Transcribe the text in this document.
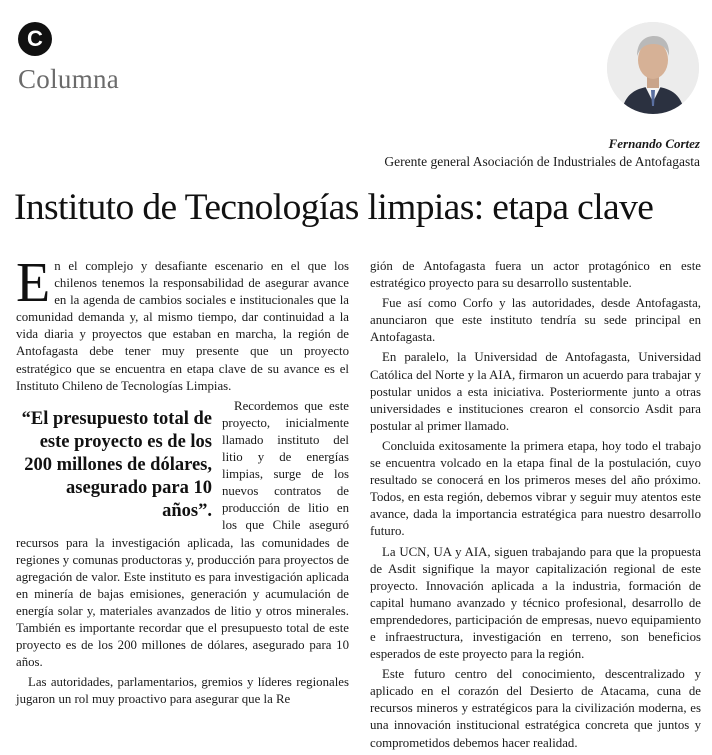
C
Columna
Fernando Cortez
Gerente general Asociación de Industriales de Antofagasta
Instituto de Tecnologías limpias: etapa clave

En el complejo y desafiante escenario en el que los chilenos tenemos la responsabilidad de asegurar avance en la agenda de cambios sociales e institucionales que la comunidad demanda y, al mismo tiempo, dar continuidad a la vida diaria y proyectos que estaban en marcha, la región de Antofagasta debe tener muy presente que un proyecto estratégico que se encuentra en etapa clave de su avance es el Instituto Chileno de Tecnologías Limpias.

“El presupuesto total de este proyecto es de los 200 millones de dólares, asegurado para 10 años”.

Recordemos que este proyecto, inicialmente llamado instituto del litio y de energías limpias, surge de los nuevos contratos de producción de litio en los que Chile aseguró recursos para la investigación aplicada, las comunidades de regiones y comunas productoras y, producción para proyectos de agregación de valor. Este instituto es para investigación aplicada en minería de bajas emisiones, generación y acumulación de energía solar y, materiales avanzados de litio y otros minerales. También es importante recordar que el presupuesto total de este proyecto es de los 200 millones de dólares, asegurado para 10 años.

Las autoridades, parlamentarios, gremios y líderes regionales jugaron un rol muy proactivo para asegurar que la Re

gión de Antofagasta fuera un actor protagónico en este estratégico proyecto para su desarrollo sustentable.

Fue así como Corfo y las autoridades, desde Antofagasta, anunciaron que este instituto tendría su sede principal en Antofagasta.

En paralelo, la Universidad de Antofagasta, Universidad Católica del Norte y la AIA, firmaron un acuerdo para trabajar y postular unidos a esta iniciativa. Posteriormente junto a otras universidades e instituciones crearon el consorcio Asdit para postular al primer llamado.

Concluida exitosamente la primera etapa, hoy todo el trabajo se encuentra volcado en la etapa final de la postulación, cuyo resultado se conocerá en los primeros meses del año próximo. Todos, en esta región, debemos vibrar y seguir muy atentos este avance, dada la importancia estratégica para nuestro desarrollo futuro.

La UCN, UA y AIA, siguen trabajando para que la propuesta de Asdit signifique la mayor capitalización regional de este proyecto. Innovación aplicada a la industria, formación de capital humano avanzado y técnico profesional, desarrollo de emprendedores, participación de empresas, nuevo equipamiento e infraestructura, investigación en terreno, son beneficios esperados de este proyecto para la región.

Este futuro centro del conocimiento, descentralizado y aplicado en el corazón del Desierto de Atacama, cuna de recursos mineros y estratégicos para la civilización moderna, es una innovación institucional estratégica concreta que juntos y comprometidos debemos hacer realidad.
